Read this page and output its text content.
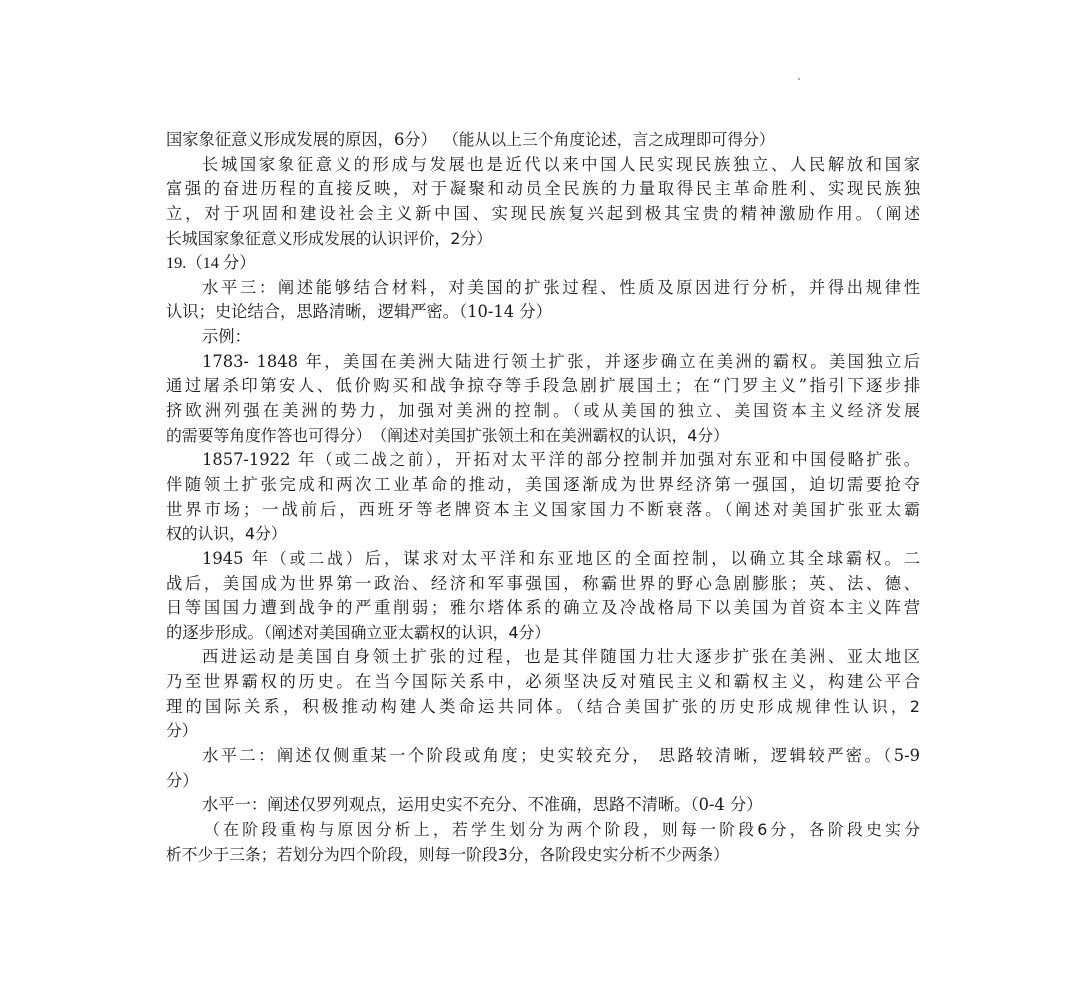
国家象征意义形成发展的原因，6分） （能从以上三个角度论述，言之成理即可得分）
长城国家象征意义的形成与发展也是近代以来中国人民实现民族独立、人民解放和国家
富强的奋进历程的直接反映，对于凝聚和动员全民族的力量取得民主革命胜利、实现民族独
立，对于巩固和建设社会主义新中国、实现民族复兴起到极其宝贵的精神激励作用。（阐述
长城国家象征意义形成发展的认识评价，2分）
19.（14 分）
水平三：阐述能够结合材料，对美国的扩张过程、性质及原因进行分析，并得出规律性
认识；史论结合，思路清晰，逻辑严密。（10-14 分）
示例：
1783- 1848 年，美国在美洲大陆进行领土扩张，并逐步确立在美洲的霸权。美国独立后
通过屠杀印第安人、低价购买和战争掠夺等手段急剧扩展国土；在“门罗主义”指引下逐步排
挤欧洲列强在美洲的势力，加强对美洲的控制。（或从美国的独立、美国资本主义经济发展
的需要等角度作答也可得分）　（阐述对美国扩张领土和在美洲霸权的认识，4分）
1857-1922 年（或二战之前），开拓对太平洋的部分控制并加强对东亚和中国侵略扩张。
伴随领土扩张完成和两次工业革命的推动，美国逐渐成为世界经济第一强国，迫切需要抢夺
世界市场；一战前后，西班牙等老牌资本主义国家国力不断衰落。（阐述对美国扩张亚太霸
权的认识，4分）
1945 年（或二战）后，谋求对太平洋和东亚地区的全面控制，以确立其全球霸权。二
战后，美国成为世界第一政治、经济和军事强国，称霸世界的野心急剧膨胀；英、法、德、
日等国国力遭到战争的严重削弱；雅尔塔体系的确立及冷战格局下以美国为首资本主义阵营
的逐步形成。（阐述对美国确立亚太霸权的认识，4分）
西进运动是美国自身领土扩张的过程，也是其伴随国力壮大逐步扩张在美洲、亚太地区
乃至世界霸权的历史。在当今国际关系中，必须坚决反对殖民主义和霸权主义，构建公平合
理的国际关系，积极推动构建人类命运共同体。（结合美国扩张的历史形成规律性认识，2
分）
水平二：阐述仅侧重某一个阶段或角度；史实较充分， 思路较清晰，逻辑较严密。（5-9
分）
水平一：阐述仅罗列观点，运用史实不充分、不准确，思路不清晰。（0-4 分）
（在阶段重构与原因分析上，若学生划分为两个阶段，则每一阶段6分，各阶段史实分
析不少于三条；若划分为四个阶段，则每一阶段3分，各阶段史实分析不少两条）
